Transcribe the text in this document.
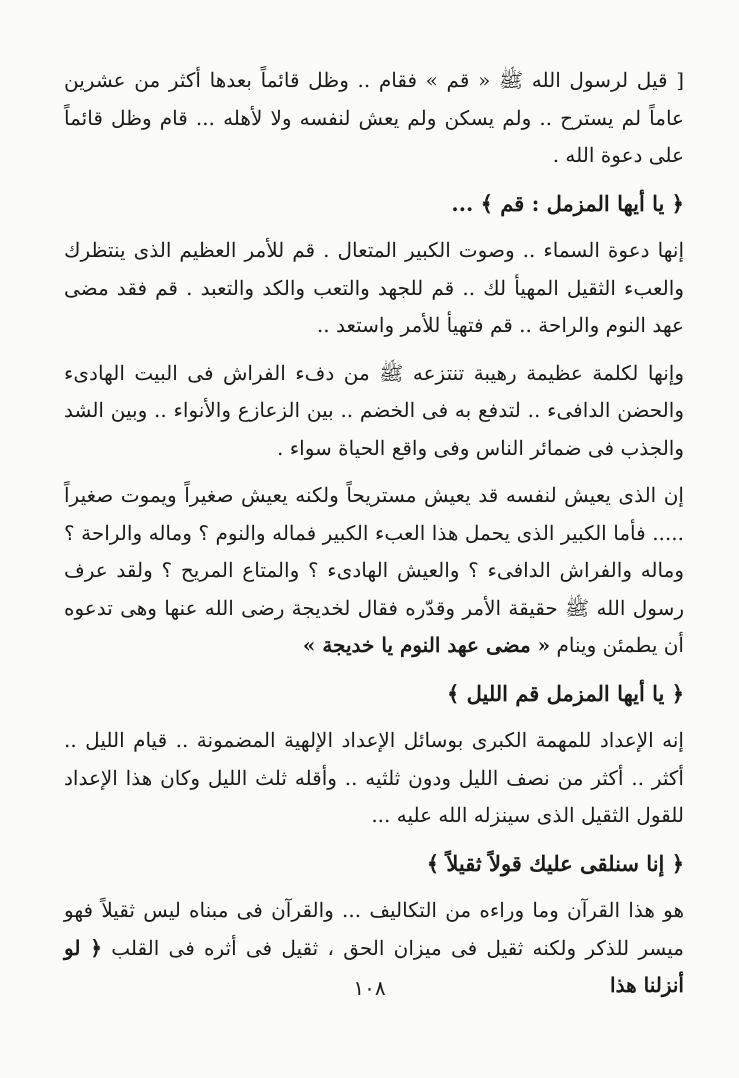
[ قيل لرسول الله ﷺ « قم » فقام .. وظل قائماً بعدها أكثر من عشرين عاماً لم يسترح .. ولم يسكن ولم يعش لنفسه ولا لأهله ... قام وظل قائماً على دعوة الله .

﴿ يا أيها المزمل : قم ﴾ ...

إنها دعوة السماء .. وصوت الكبير المتعال . قم للأمر العظيم الذى ينتظرك والعبء الثقيل المهيأ لك .. قم للجهد والتعب والكد والتعبد . قم فقد مضى عهد النوم والراحة .. قم فتهيأ للأمر واستعد ..

وإنها لكلمة عظيمة رهيبة تنتزعه ﷺ من دفء الفراش فى البيت الهادىء والحضن الدافىء .. لتدفع به فى الخضم .. بين الزعازع والأنواء .. وبين الشد والجذب فى ضمائر الناس وفى واقع الحياة سواء .

إن الذى يعيش لنفسه قد يعيش مستريحاً ولكنه يعيش صغيراً ويموت صغيراً ..... فأما الكبير الذى يحمل هذا العبء الكبير فماله والنوم ؟ وماله والراحة ؟ وماله والفراش الدافىء ؟ والعيش الهادىء ؟ والمتاع المريح ؟ ولقد عرف رسول الله ﷺ حقيقة الأمر وقدّره فقال لخديجة رضى الله عنها وهى تدعوه أن يطمئن وينام « مضى عهد النوم يا خديجة »

﴿ يا أيها المزمل قم الليل ﴾

إنه الإعداد للمهمة الكبرى بوسائل الإعداد الإلهية المضمونة .. قيام الليل .. أكثر .. أكثر من نصف الليل ودون ثلثيه .. وأقله ثلث الليل وكان هذا الإعداد للقول الثقيل الذى سينزله الله عليه ...

﴿ إنا سنلقى عليك قولاً ثقيلاً ﴾

هو هذا القرآن وما وراءه من التكاليف ... والقرآن فى مبناه ليس ثقيلاً فهو ميسر للذكر ولكنه ثقيل فى ميزان الحق ، ثقيل فى أثره فى القلب ﴿ لو أنزلنا هذا

١٠٨
